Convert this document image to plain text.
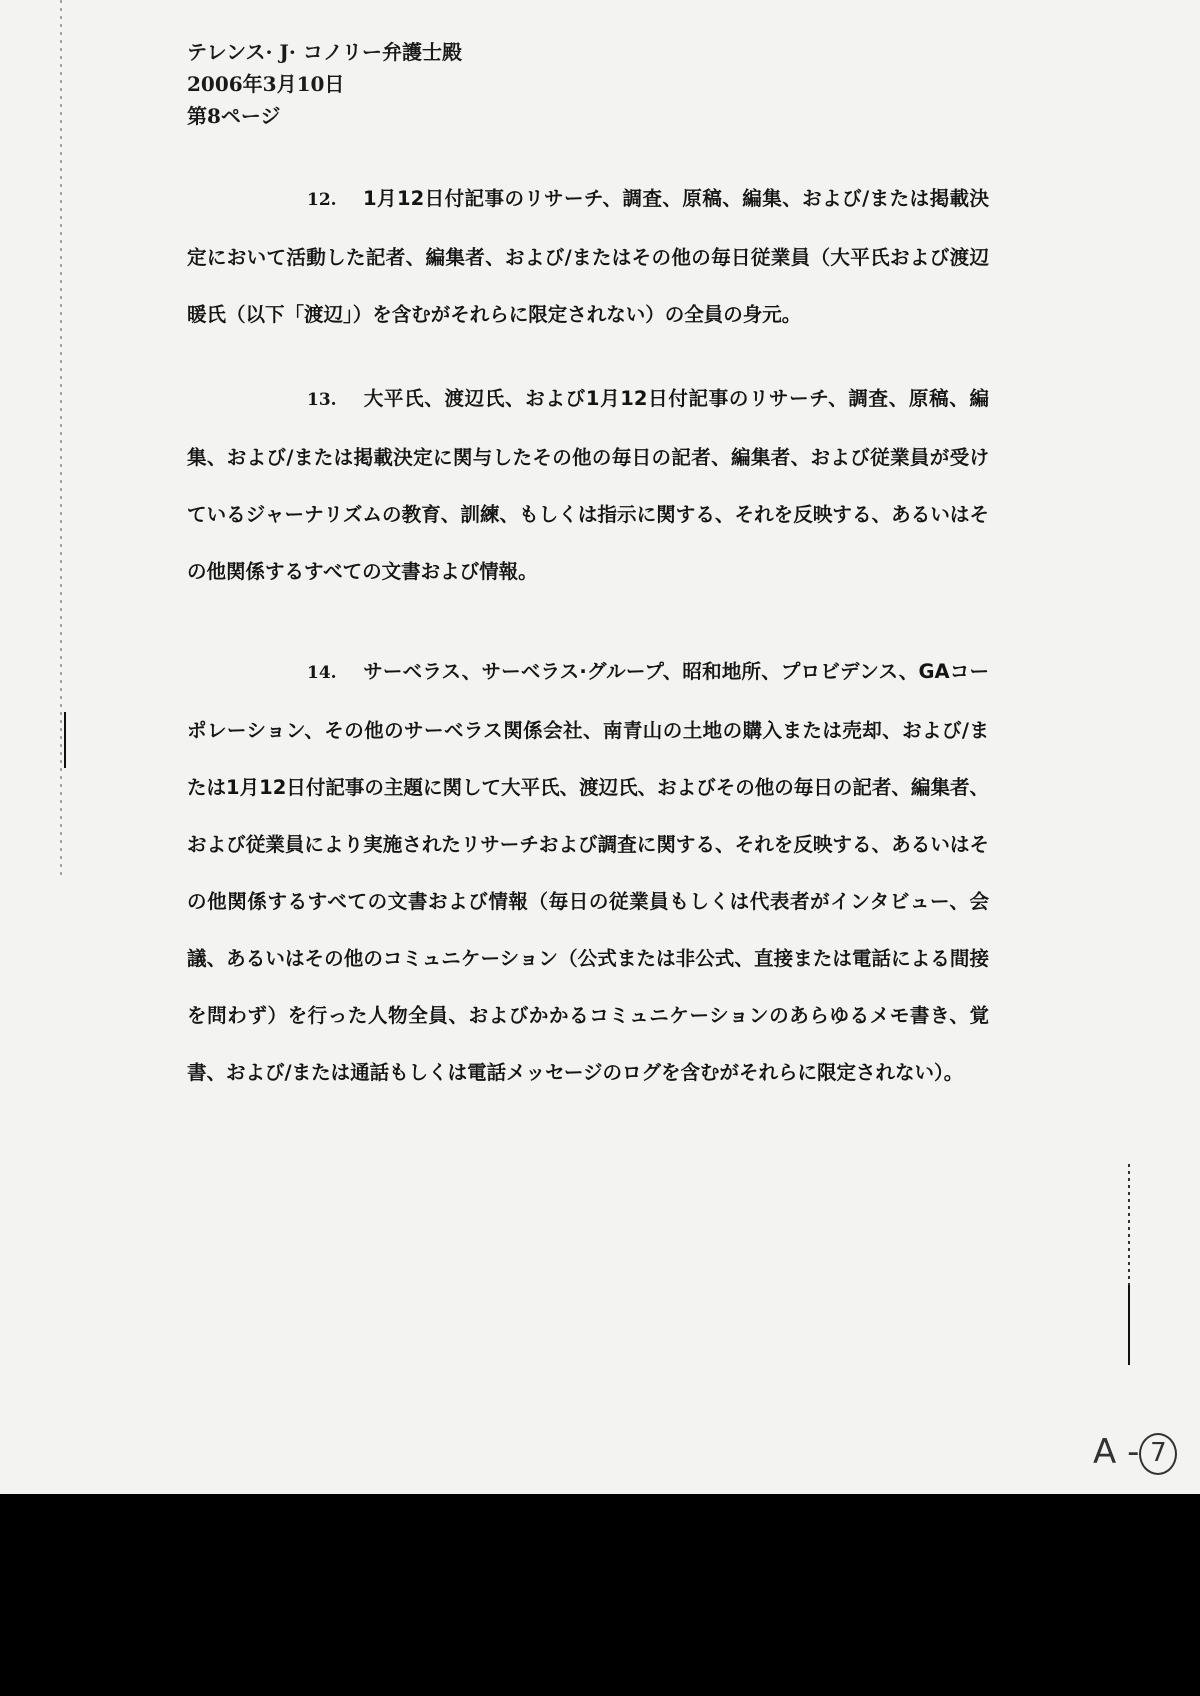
テレンス· J· コノリー弁護士殿
2006年3月10日
第8ページ
12. 1月12日付記事のリサーチ、調査、原稿、編集、および/または掲載決定において活動した記者、編集者、および/またはその他の毎日従業員（大平氏および渡辺暖氏（以下「渡辺」）を含むがそれらに限定されない）の全員の身元。
13. 大平氏、渡辺氏、および1月12日付記事のリサーチ、調査、原稿、編集、および/または掲載決定に関与したその他の毎日の記者、編集者、および従業員が受けているジャーナリズムの教育、訓練、もしくは指示に関する、それを反映する、あるいはその他関係するすべての文書および情報。
14. サーベラス、サーベラス·グループ、昭和地所、プロビデンス、GAコーポレーション、その他のサーベラス関係会社、南青山の土地の購入または売却、および/または1月12日付記事の主題に関して大平氏、渡辺氏、およびその他の毎日の記者、編集者、および従業員により実施されたリサーチおよび調査に関する、それを反映する、あるいはその他関係するすべての文書および情報（毎日の従業員もしくは代表者がインタビュー、会議、あるいはその他のコミュニケーション（公式または非公式、直接または電話による間接を問わず）を行った人物全員、およびかかるコミュニケーションのあらゆるメモ書き、覚書、および/または通話もしくは電話メッセージのログを含むがそれらに限定されない）。
A - 7
